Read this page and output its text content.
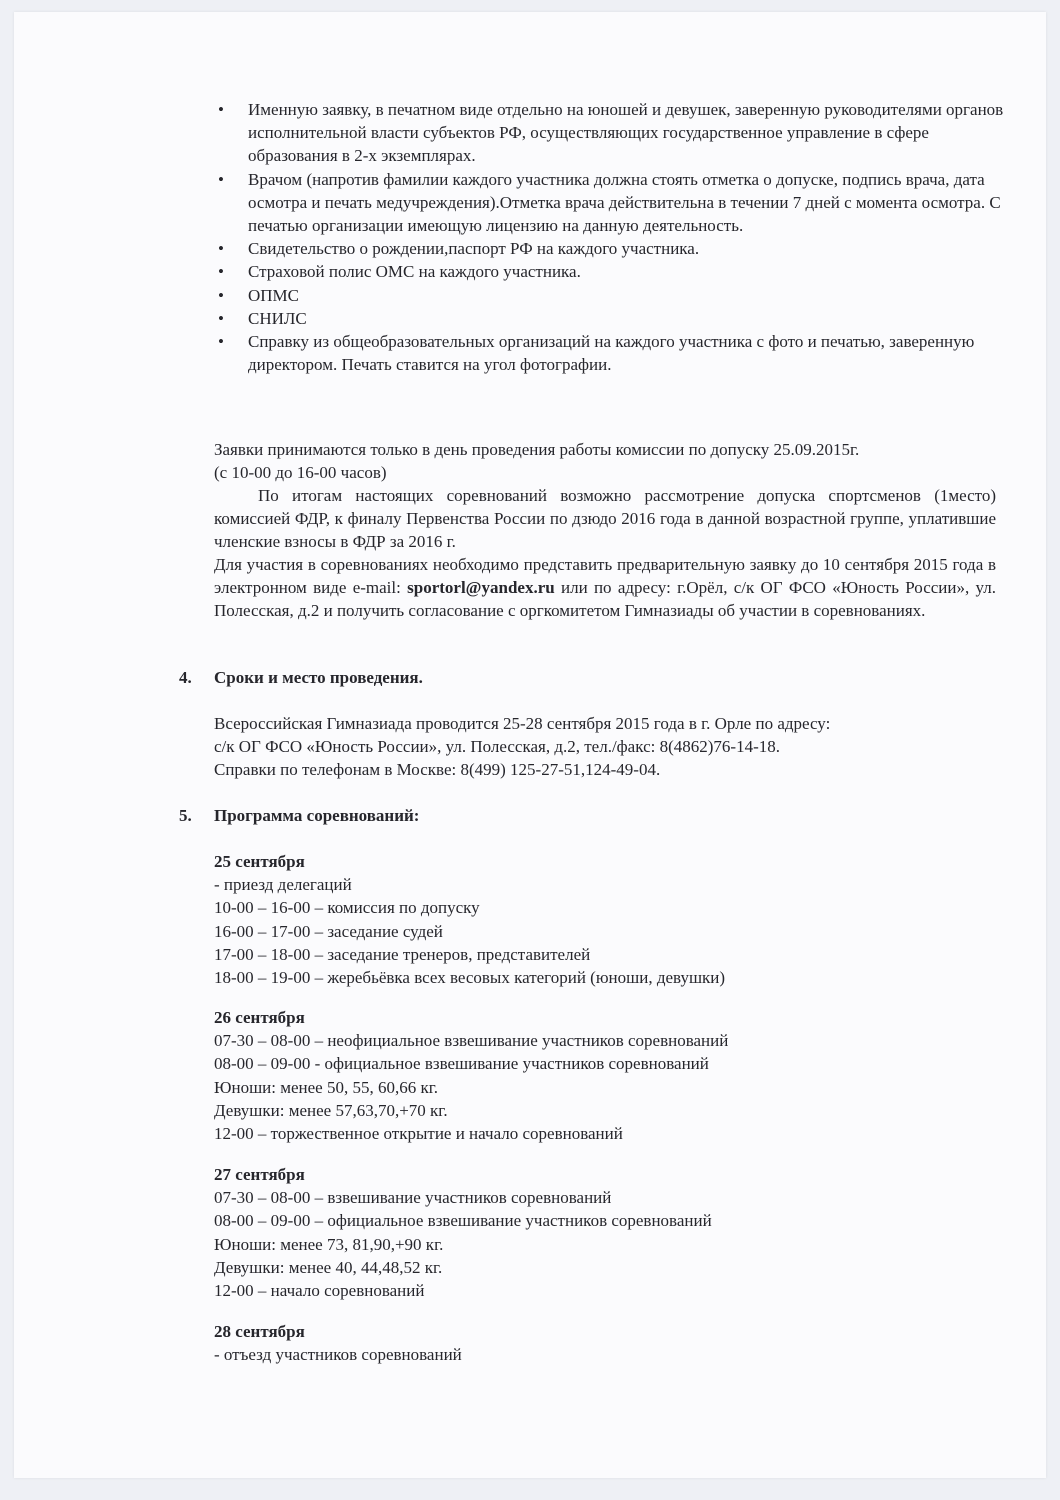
• Именную заявку, в печатном виде отдельно на юношей и девушек, заверенную руководителями органов исполнительной власти субъектов РФ, осуществляющих государственное управление в сфере образования в 2-х экземплярах.
• Врачом (напротив фамилии каждого участника должна стоять отметка о допуске, подпись врача, дата осмотра и печать медучреждения).Отметка врача действительна в течении 7 дней с момента осмотра. С печатью организации имеющую лицензию на данную деятельность.
• Свидетельство о рождении,паспорт РФ на каждого участника.
• Страховой полис ОМС на каждого участника.
• ОПМС
• СНИЛС
• Справку из общеобразовательных организаций на каждого участника с фото и печатью, заверенную директором. Печать ставится на угол фотографии.
Заявки принимаются только в день проведения работы комиссии по допуску 25.09.2015г.
(с 10-00 до 16-00 часов)
По итогам настоящих соревнований возможно рассмотрение допуска спортсменов (1место) комиссией ФДР, к финалу Первенства России по дзюдо 2016 года в данной возрастной группе, уплатившие членские взносы в ФДР за 2016 г.
Для участия в соревнованиях необходимо представить предварительную заявку до 10 сентября 2015 года в электронном виде e-mail: sportorl@yandex.ru или по адресу: г.Орёл, с/к ОГ ФСО «Юность России», ул. Полесская, д.2 и получить согласование с оргкомитетом Гимназиады об участии в соревнованиях.
4. Сроки и место проведения.
Всероссийская Гимназиада проводится 25-28 сентября 2015 года в г. Орле по адресу:
с/к ОГ ФСО «Юность России», ул. Полесская, д.2, тел./факс: 8(4862)76-14-18.
Справки по телефонам в Москве: 8(499) 125-27-51,124-49-04.
5. Программа соревнований:
25 сентября
- приезд делегаций
10-00 – 16-00 – комиссия по допуску
16-00 – 17-00 – заседание судей
17-00 – 18-00 – заседание тренеров, представителей
18-00 – 19-00 – жеребьёвка всех весовых категорий (юноши, девушки)
26 сентября
07-30 – 08-00 – неофициальное взвешивание участников соревнований
08-00 – 09-00 - официальное взвешивание участников соревнований
Юноши: менее 50, 55, 60,66 кг.
Девушки: менее 57,63,70,+70 кг.
12-00 – торжественное открытие и начало соревнований
27 сентября
07-30 – 08-00 – взвешивание участников соревнований
08-00 – 09-00 – официальное взвешивание участников соревнований
Юноши: менее 73, 81,90,+90 кг.
Девушки: менее 40, 44,48,52 кг.
12-00 – начало соревнований
28 сентября
- отъезд участников соревнований
